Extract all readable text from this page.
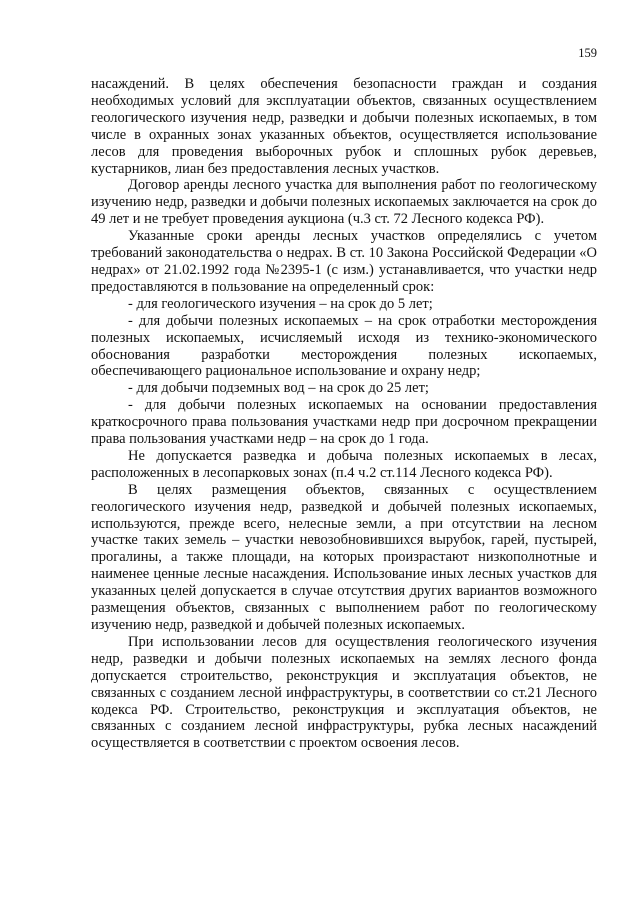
159

насаждений. В целях обеспечения безопасности граждан и создания необходимых условий для эксплуатации объектов, связанных осуществлением геологического изучения недр, разведки и добычи полезных ископаемых, в том числе в охранных зонах указанных объектов, осуществляется использование лесов для проведения выборочных рубок и сплошных рубок деревьев, кустарников, лиан без предоставления лесных участков.

Договор аренды лесного участка для выполнения работ по геологическому изучению недр, разведки и добычи полезных ископаемых заключается на срок до 49 лет и не требует проведения аукциона (ч.3 ст. 72 Лесного кодекса РФ).

Указанные сроки аренды лесных участков определялись с учетом требований законодательства о недрах. В ст. 10 Закона Российской Федерации «О недрах» от 21.02.1992 года №2395-1 (с изм.) устанавливается, что участки недр предоставляются в пользование на определенный срок:

- для геологического изучения – на срок до 5 лет;

- для добычи полезных ископаемых – на срок отработки месторождения полезных ископаемых, исчисляемый исходя из технико-экономического обоснования разработки месторождения полезных ископаемых, обеспечивающего рациональное использование и охрану недр;

- для добычи подземных вод – на срок до 25 лет;

- для добычи полезных ископаемых на основании предоставления краткосрочного права пользования участками недр при досрочном прекращении права пользования участками недр – на срок до 1 года.

Не допускается разведка и добыча полезных ископаемых в лесах, расположенных в лесопарковых зонах (п.4 ч.2 ст.114 Лесного кодекса РФ).

В целях размещения объектов, связанных с осуществлением геологического изучения недр, разведкой и добычей полезных ископаемых, используются, прежде всего, нелесные земли, а при отсутствии на лесном участке таких земель – участки невозобновившихся вырубок, гарей, пустырей, прогалины, а также площади, на которых произрастают низкополнотные и наименее ценные лесные насаждения. Использование иных лесных участков для указанных целей допускается в случае отсутствия других вариантов возможного размещения объектов, связанных с выполнением работ по геологическому изучению недр, разведкой и добычей полезных ископаемых.

При использовании лесов для осуществления геологического изучения недр, разведки и добычи полезных ископаемых на землях лесного фонда допускается строительство, реконструкция и эксплуатация объектов, не связанных с созданием лесной инфраструктуры, в соответствии со ст.21 Лесного кодекса РФ. Строительство, реконструкция и эксплуатация объектов, не связанных с созданием лесной инфраструктуры, рубка лесных насаждений осуществляется в соответствии с проектом освоения лесов.
